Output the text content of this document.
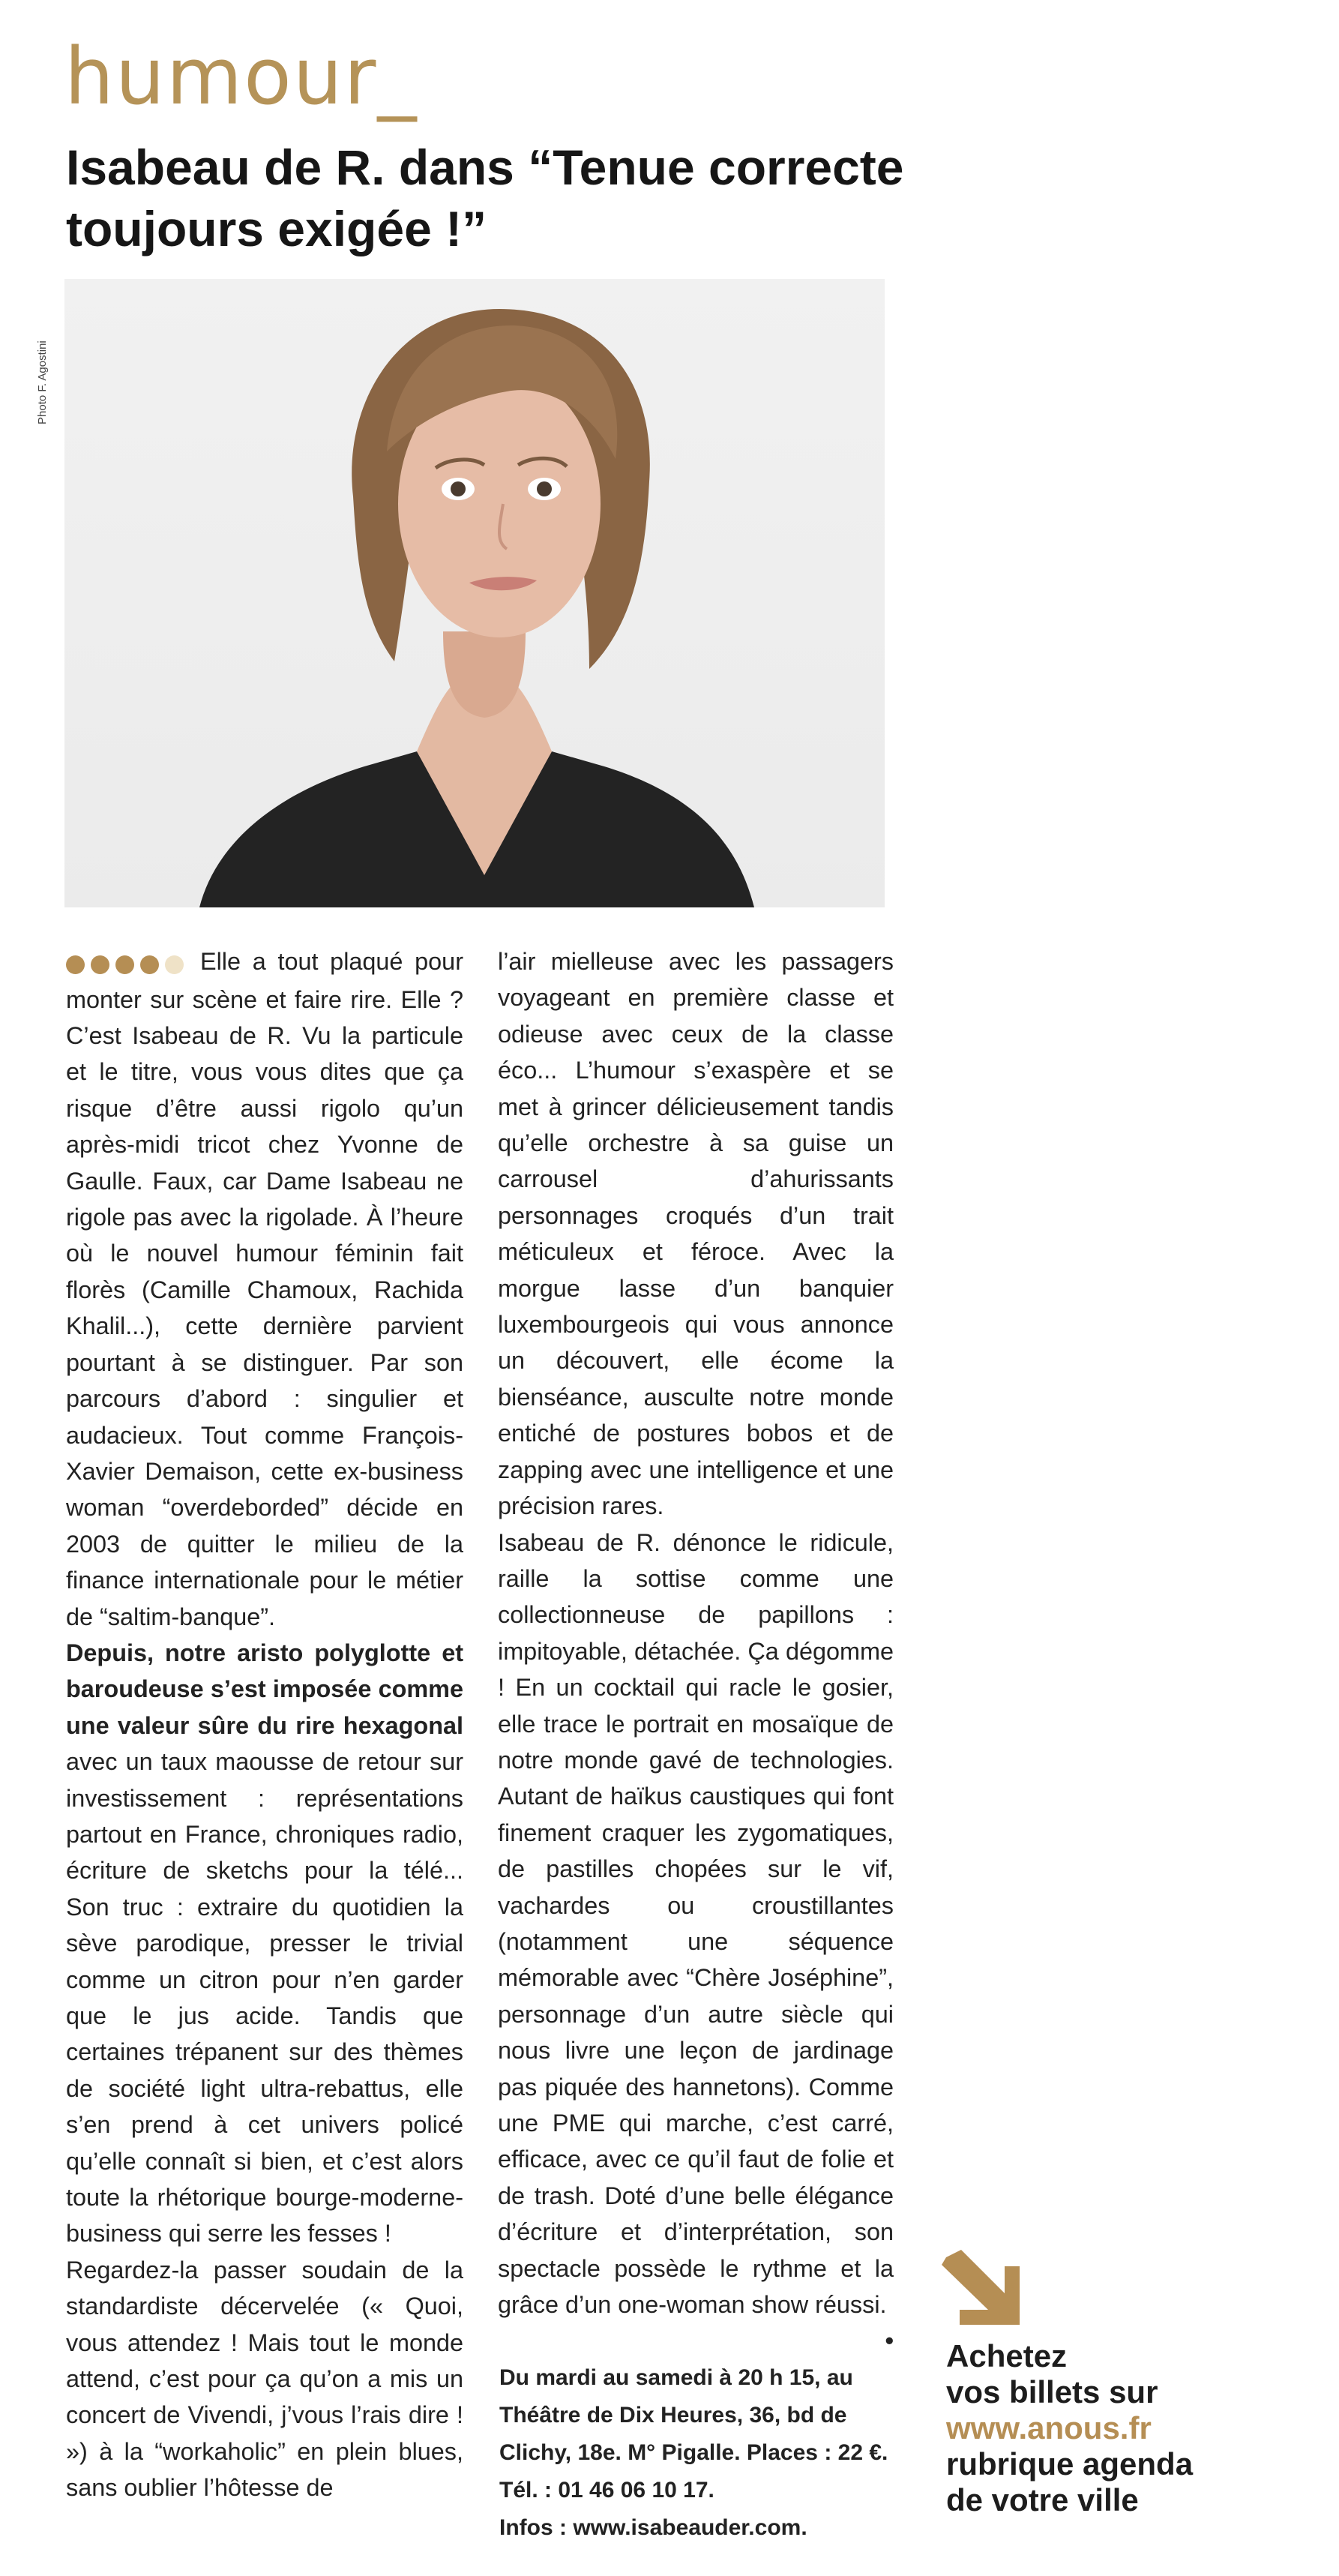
humour_
Isabeau de R. dans “Tenue correcte toujours exigée !”
Photo F. Agostini

Elle a tout plaqué pour monter sur scène et faire rire. Elle ? C’est Isabeau de R. Vu la particule et le titre, vous vous dites que ça risque d’être aussi rigolo qu’un après-midi tricot chez Yvonne de Gaulle. Faux, car Dame Isabeau ne rigole pas avec la rigolade. À l’heure où le nouvel humour féminin fait florès (Camille Chamoux, Rachida Khalil...), cette dernière parvient pourtant à se distinguer. Par son parcours d’abord : singulier et audacieux. Tout comme François-Xavier Demaison, cette ex-business woman “overdeborded” décide en 2003 de quitter le milieu de la finance internationale pour le métier de “saltim-banque”.

Depuis, notre aristo polyglotte et baroudeuse s’est imposée comme une valeur sûre du rire hexagonal avec un taux maousse de retour sur investissement : représentations partout en France, chroniques radio, écriture de sketchs pour la télé... Son truc : extraire du quotidien la sève parodique, presser le trivial comme un citron pour n’en garder que le jus acide. Tandis que certaines trépanent sur des thèmes de société light ultra-rebattus, elle s’en prend à cet univers policé qu’elle connaît si bien, et c’est alors toute la rhétorique bourge-moderne-business qui serre les fesses !

Regardez-la passer soudain de la standardiste décervelée (« Quoi, vous attendez ! Mais tout le monde attend, c’est pour ça qu’on a mis un concert de Vivendi, j’vous l’rais dire ! ») à la “workaholic” en plein blues, sans oublier l’hôtesse de

l’air mielleuse avec les passagers voyageant en première classe et odieuse avec ceux de la classe éco... L’humour s’exaspère et se met à grincer délicieusement tandis qu’elle orchestre à sa guise un carrousel d’ahurissants personnages croqués d’un trait méticuleux et féroce. Avec la morgue lasse d’un banquier luxembourgeois qui vous annonce un découvert, elle écome la bienséance, ausculte notre monde entiché de postures bobos et de zapping avec une intelligence et une précision rares.

Isabeau de R. dénonce le ridicule, raille la sottise comme une collectionneuse de papillons : impitoyable, détachée. Ça dégomme ! En un cocktail qui racle le gosier, elle trace le portrait en mosaïque de notre monde gavé de technologies. Autant de haïkus caustiques qui font finement craquer les zygomatiques, de pastilles chopées sur le vif, vachardes ou croustillantes (notamment une séquence mémorable avec “Chère Joséphine”, personnage d’un autre siècle qui nous livre une leçon de jardinage pas piquée des hannetons). Comme une PME qui marche, c’est carré, efficace, avec ce qu’il faut de folie et de trash. Doté d’une belle élégance d’écriture et d’interprétation, son spectacle possède le rythme et la grâce d’un one-woman show réussi.
•

Du mardi au samedi à 20 h 15, au Théâtre de Dix Heures, 36, bd de Clichy, 18e. M° Pigalle. Places : 22 €.

Tél. : 01 46 06 10 17.

Infos : www.isabeauder.com.

Achetez
vos billets sur
www.anous.fr
rubrique agenda
de votre ville
